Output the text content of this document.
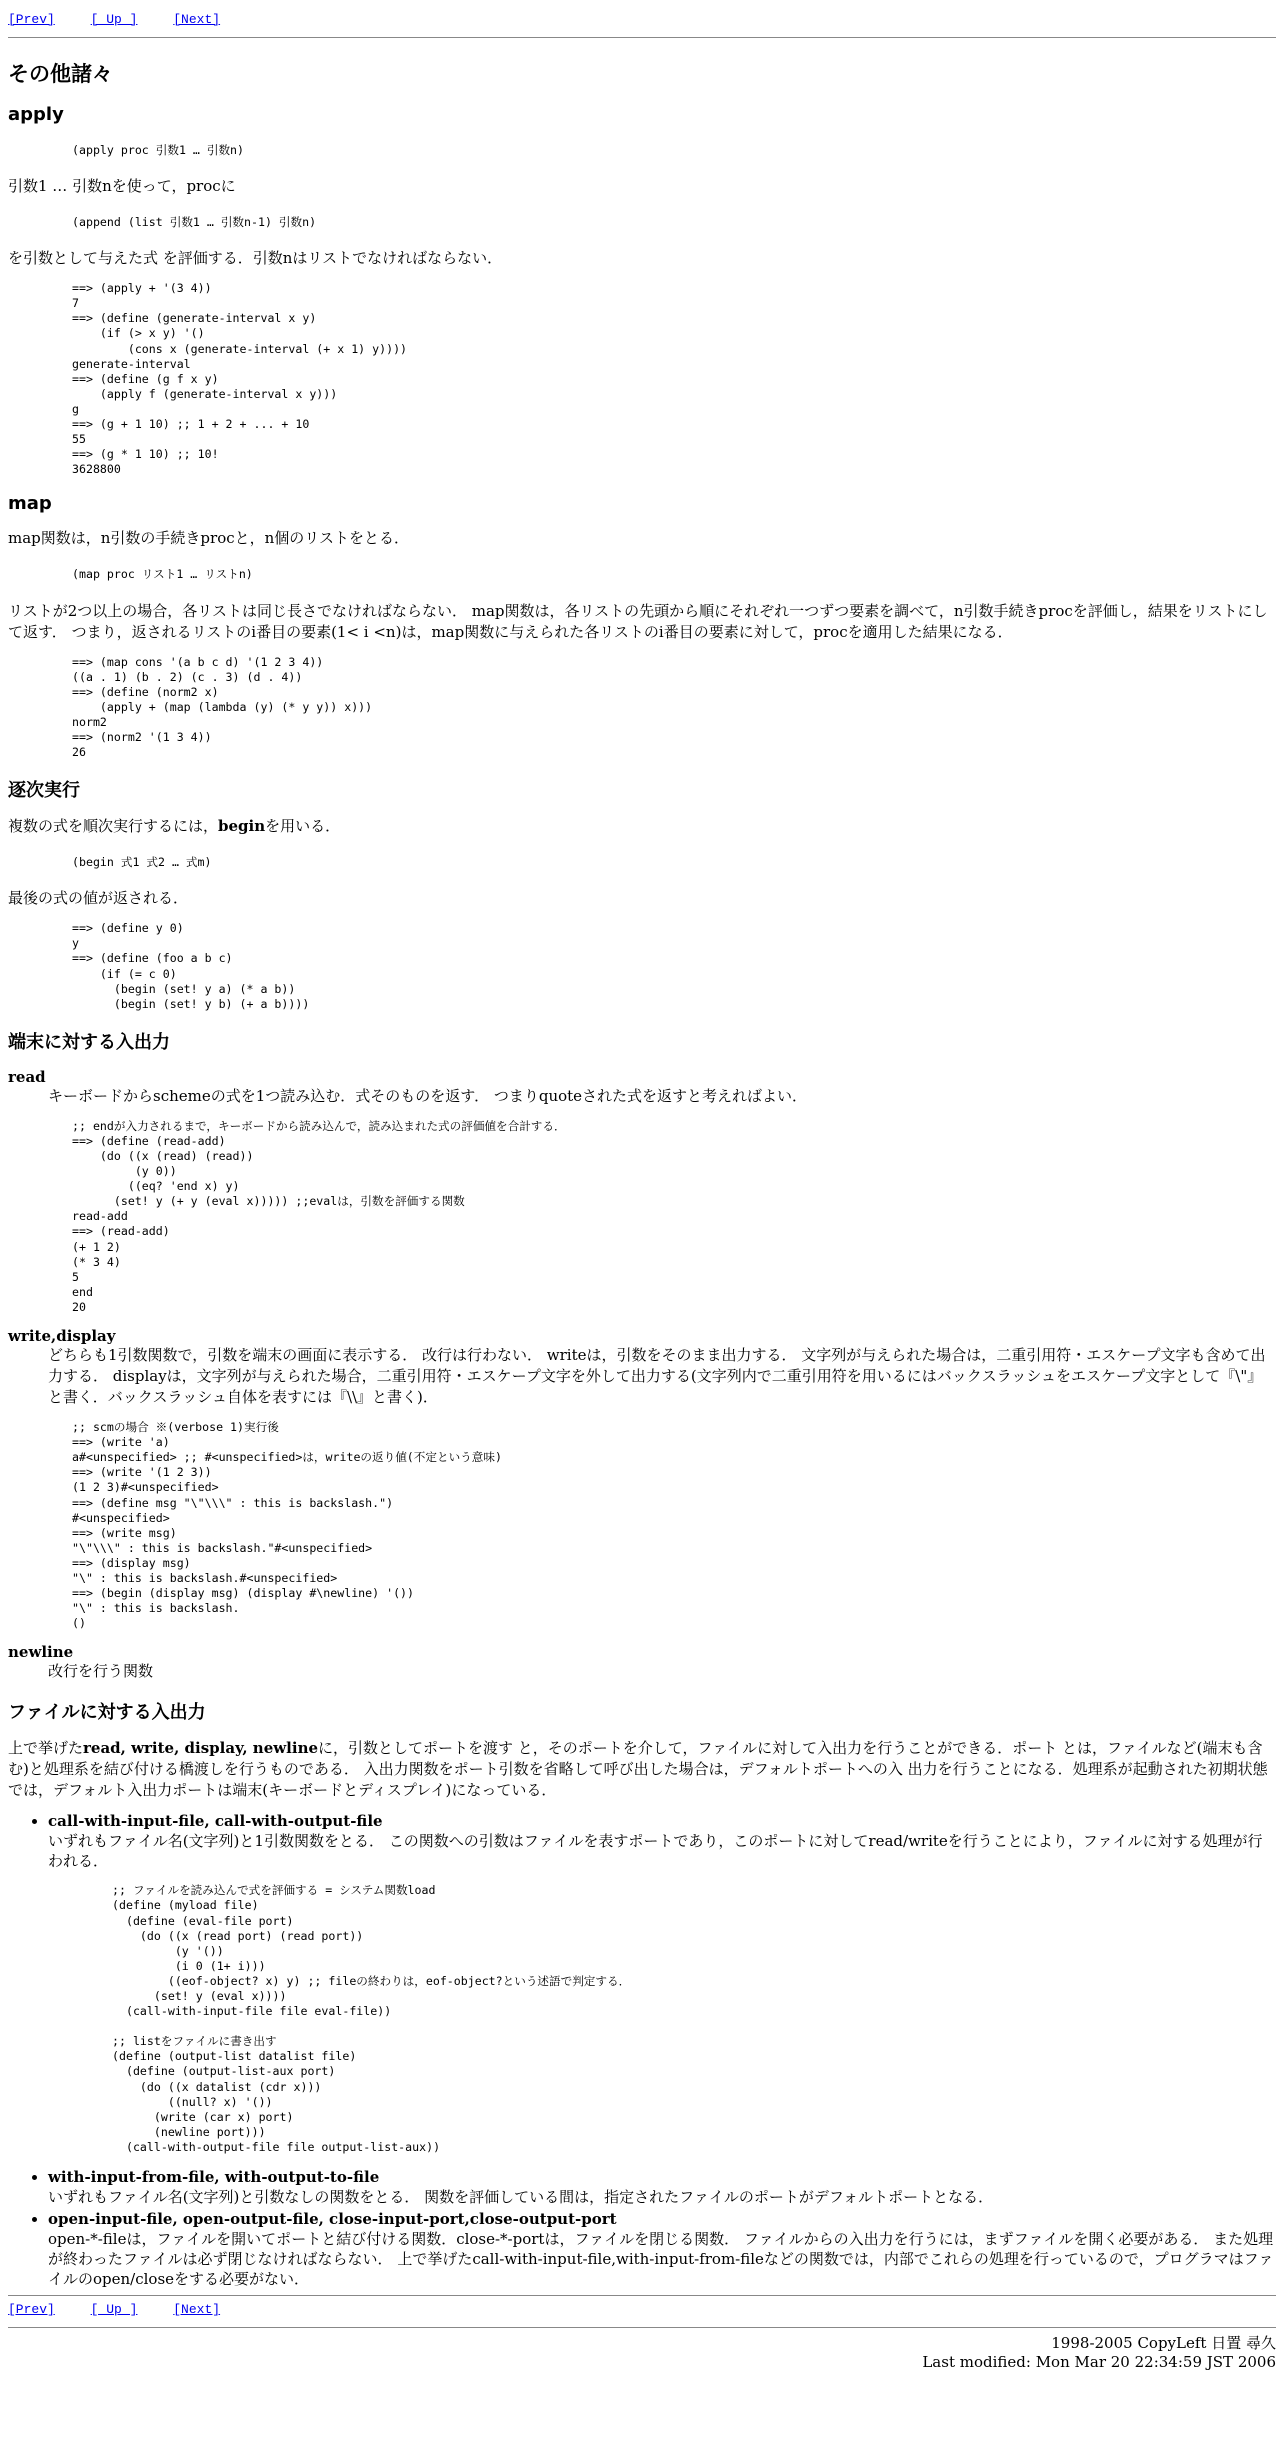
[Prev]	[ Up ]	[Next]
その他諸々
apply
(apply proc 引数1 … 引数n)

引数1 … 引数nを使って，procに

(append (list 引数1 … 引数n-1) 引数n)

を引数として与えた式 を評価する．引数nはリストでなければならない．

==> (apply + '(3 4))
7
==> (define (generate-interval x y)
(if (> x y) '()
(cons x (generate-interval (+ x 1) y))))
generate-interval
==> (define (g f x y)
(apply f (generate-interval x y)))
g
==> (g + 1 10) ;; 1 + 2 + ... + 10
55
==> (g * 1 10) ;; 10!
3628800
map

map関数は，n引数の手続きprocと，n個のリストをとる．

(map proc リスト1 … リストn)

リストが2つ以上の場合，各リストは同じ長さでなければならない． map関数は，各リストの先頭から順にそれぞれ一つずつ要素を調べて，n引数手続きprocを評価し，結果をリストにして返す． つまり，返されるリストのi番目の要素(1< i <n)は，map関数に与えられた各リストのi番目の要素に対して，procを適用した結果になる．

==> (map cons '(a b c d) '(1 2 3 4))
((a . 1) (b . 2) (c . 3) (d . 4))
==> (define (norm2 x)
(apply + (map (lambda (y) (* y y)) x)))
norm2
==> (norm2 '(1 3 4))
26
逐次実行

複数の式を順次実行するには，beginを用いる．

(begin 式1 式2 … 式m)

最後の式の値が返される．

==> (define y 0)
y
==> (define (foo a b c)
(if (= c 0)
(begin (set! y a) (* a b))
(begin (set! y b) (+ a b))))
端末に対する入出力
read
キーボードからschemeの式を1つ読み込む．式そのものを返す． つまりquoteされた式を返すと考えればよい．
;; endが入力されるまで，キーボードから読み込んで，読み込まれた式の評価値を合計する．
==> (define (read-add)
(do ((x (read) (read))
(y 0))
((eq? 'end x) y)
(set! y (+ y (eval x))))) ;;evalは，引数を評価する関数
read-add
==> (read-add)
(+ 1 2)
(* 3 4)
5
end
20
write,display
どちらも1引数関数で，引数を端末の画面に表示する． 改行は行わない． writeは，引数をそのまま出力する． 文字列が与えられた場合は，二重引用符・エスケープ文字も含めて出力する． displayは，文字列が与えられた場合，二重引用符・エスケープ文字を外して出力する(文字列内で二重引用符を用いるにはバックスラッシュをエスケープ文字として『\"』と書く．バックスラッシュ自体を表すには『\\』と書く)．
;; scmの場合 ※(verbose 1)実行後
==> (write 'a)
a#<unspecified> ;; #<unspecified>は，writeの返り値(不定という意味)
==> (write '(1 2 3))
(1 2 3)#<unspecified>
==> (define msg "\"\\\" : this is backslash.")
#<unspecified>
==> (write msg)
"\"\\\" : this is backslash."#<unspecified>
==> (display msg)
"\" : this is backslash.#<unspecified>
==> (begin (display msg) (display #\newline) '())
"\" : this is backslash.
()
newline
改行を行う関数
ファイルに対する入出力

上で挙げたread, write, display, newlineに，引数としてポートを渡す と，そのポートを介して，ファイルに対して入出力を行うことができる．ポート とは，ファイルなど(端末も含む)と処理系を結び付ける橋渡しを行うものである． 入出力関数をポート引数を省略して呼び出した場合は，デフォルトポートへの入 出力を行うことになる．処理系が起動された初期状態では，デフォルト入出力ポートは端末(キーボードとディスプレイ)になっている．

• call-with-input-file, call-with-output-file
いずれもファイル名(文字列)と1引数関数をとる． この関数への引数はファイルを表すポートであり，このポートに対してread/writeを行うことにより，ファイルに対する処理が行われる．
;; ファイルを読み込んで式を評価する = システム関数load
(define (myload file)
(define (eval-file port)
(do ((x (read port) (read port))
(y '())
(i 0 (1+ i)))
((eof-object? x) y) ;; fileの終わりは，eof-object?という述語で判定する．
(set! y (eval x))))
(call-with-input-file file eval-file))

;; listをファイルに書き出す
(define (output-list datalist file)
(define (output-list-aux port)
(do ((x datalist (cdr x)))
((null? x) '())
(write (car x) port)
(newline port)))
(call-with-output-file file output-list-aux))
• with-input-from-file, with-output-to-file
いずれもファイル名(文字列)と引数なしの関数をとる． 関数を評価している間は，指定されたファイルのポートがデフォルトポートとなる．
• open-input-file, open-output-file, close-input-port,close-output-port
open-*-fileは，ファイルを開いてポートと結び付ける関数．close-*-portは，ファイルを閉じる関数． ファイルからの入出力を行うには，まずファイルを開く必要がある． また処理が終わったファイルは必ず閉じなければならない． 上で挙げたcall-with-input-file,with-input-from-fileなどの関数では，内部でこれらの処理を行っているので，プログラマはファイルのopen/closeをする必要がない．
[Prev]	[ Up ]	[Next]
1998-2005 CopyLeft 日置 尋久
Last modified: Mon Mar 20 22:34:59 JST 2006
